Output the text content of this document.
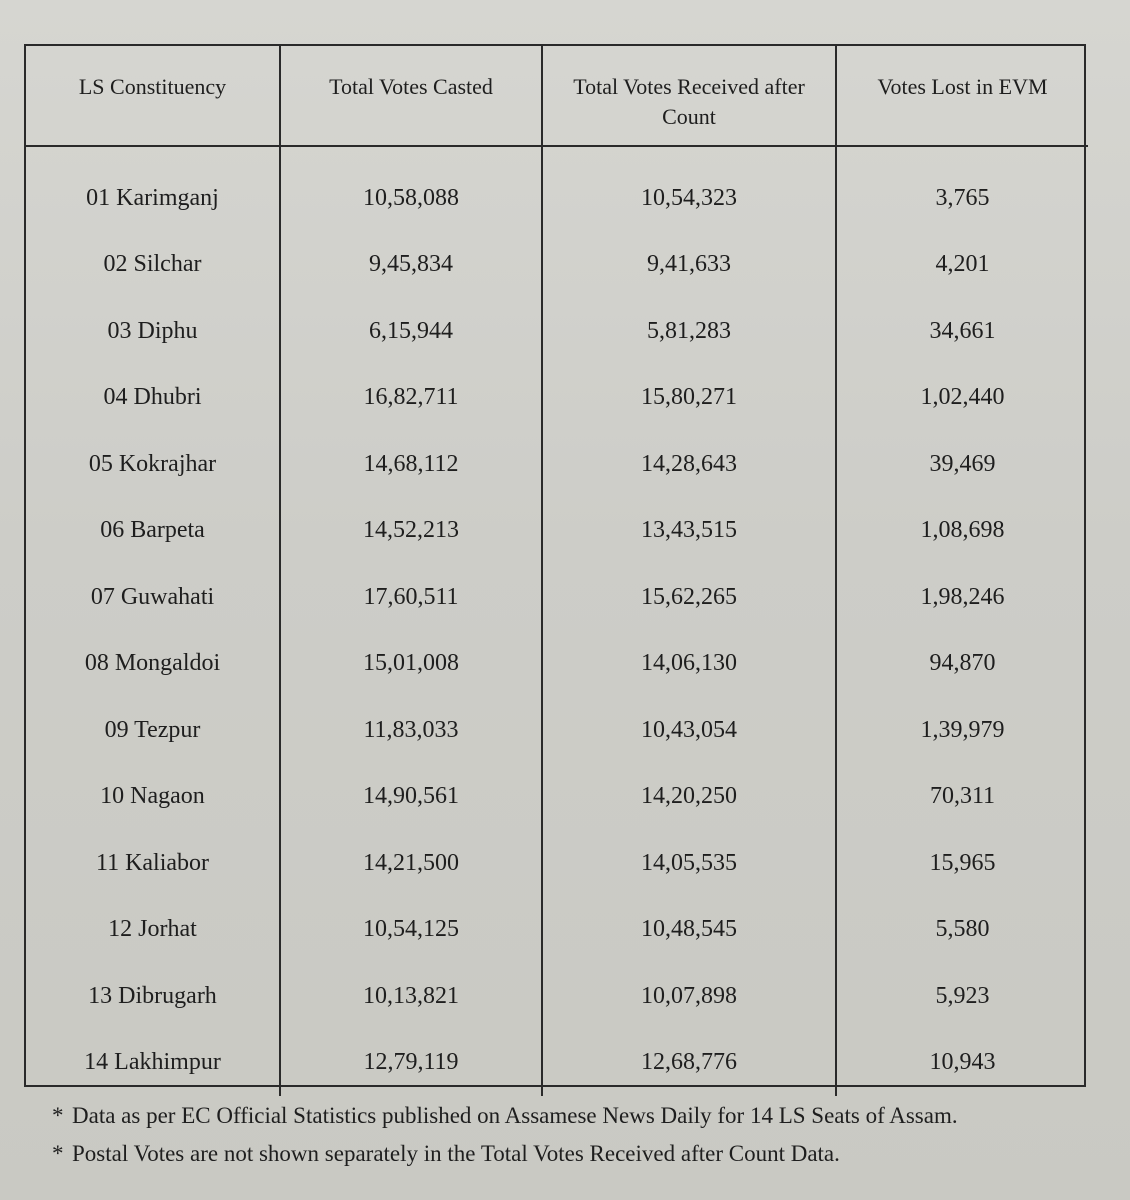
LS Constituency	Total Votes Casted	Total Votes Received after Count	Votes Lost in EVM
01 Karimganj	10,58,088	10,54,323	3,765
02 Silchar	9,45,834	9,41,633	4,201
03 Diphu	6,15,944	5,81,283	34,661
04 Dhubri	16,82,711	15,80,271	1,02,440
05 Kokrajhar	14,68,112	14,28,643	39,469
06 Barpeta	14,52,213	13,43,515	1,08,698
07 Guwahati	17,60,511	15,62,265	1,98,246
08 Mongaldoi	15,01,008	14,06,130	94,870
09 Tezpur	11,83,033	10,43,054	1,39,979
10 Nagaon	14,90,561	14,20,250	70,311
11 Kaliabor	14,21,500	14,05,535	15,965
12 Jorhat	10,54,125	10,48,545	5,580
13 Dibrugarh	10,13,821	10,07,898	5,923
14 Lakhimpur	12,79,119	12,68,776	10,943

* Data as per EC Official Statistics published on Assamese News Daily for 14 LS Seats of Assam.

* Postal Votes are not shown separately in the Total Votes Received after Count Data.
